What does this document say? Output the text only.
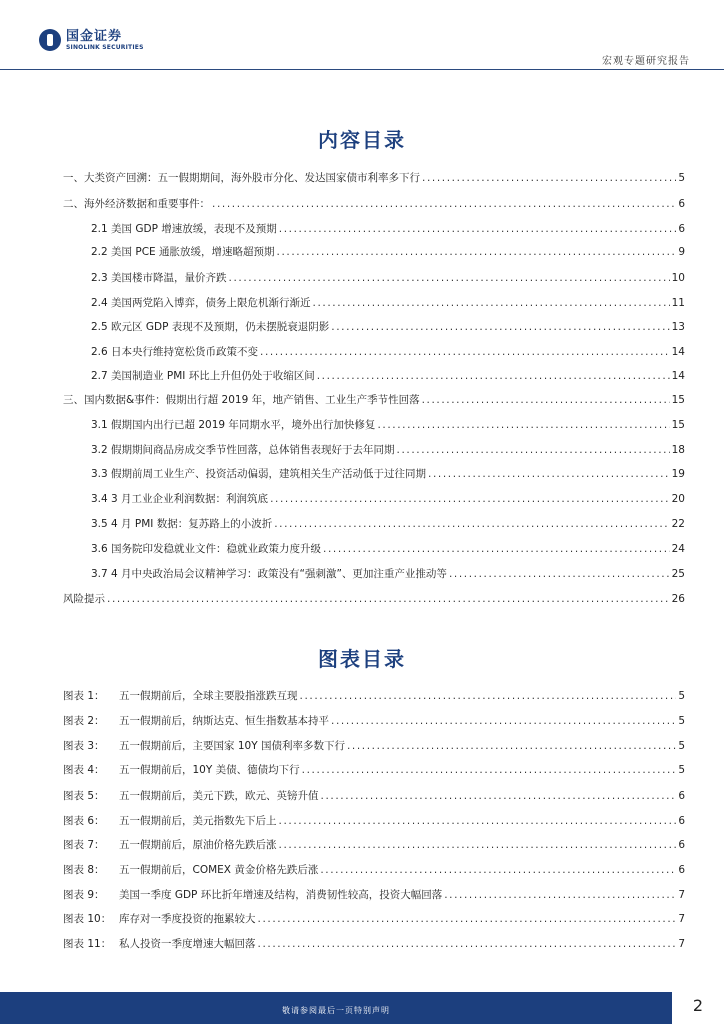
国金证券
SINOLINK SECURITIES
宏观专题研究报告
内容目录
一、大类资产回溯：五一假期期间，海外股市分化、发达国家债市利率多下行 .....	5
二、海外经济数据和重要事件： .....	6
2.1 美国 GDP 增速放缓，表现不及预期 .....	6
2.2 美国 PCE 通胀放缓，增速略超预期 .....	9
2.3 美国楼市降温，量价齐跌 .....	10
2.4 美国两党陷入博弈，债务上限危机渐行渐近 .....	11
2.5 欧元区 GDP 表现不及预期，仍未摆脱衰退阴影 .....	13
2.6 日本央行维持宽松货币政策不变 .....	14
2.7 美国制造业 PMI 环比上升但仍处于收缩区间 .....	14
三、国内数据&事件：假期出行超 2019 年，地产销售、工业生产季节性回落 .....	15
3.1 假期国内出行已超 2019 年同期水平，境外出行加快修复 .....	15
3.2 假期期间商品房成交季节性回落，总体销售表现好于去年同期 .....	18
3.3 假期前周工业生产、投资活动偏弱，建筑相关生产活动低于过往同期 .....	19
3.4 3 月工业企业利润数据：利润筑底 .....	20
3.5 4 月 PMI 数据：复苏路上的小波折 .....	22
3.6 国务院印发稳就业文件：稳就业政策力度升级 .....	24
3.7 4 月中央政治局会议精神学习：政策没有“强刺激”、更加注重产业推动等 .....	25
风险提示 .....	26
图表目录
图表 1：	五一假期前后，全球主要股指涨跌互现 .....	5
图表 2：	五一假期前后，纳斯达克、恒生指数基本持平 .....	5
图表 3：	五一假期前后，主要国家 10Y 国债利率多数下行 .....	5
图表 4：	五一假期前后，10Y 美债、德债均下行 .....	5
图表 5：	五一假期前后，美元下跌，欧元、英镑升值 .....	6
图表 6：	五一假期前后，美元指数先下后上 .....	6
图表 7：	五一假期前后，原油价格先跌后涨 .....	6
图表 8：	五一假期前后，COMEX 黄金价格先跌后涨 .....	6
图表 9：	美国一季度 GDP 环比折年增速及结构，消费韧性较高，投资大幅回落 .....	7
图表 10： 库存对一季度投资的拖累较大 .....	7
图表 11： 私人投资一季度增速大幅回落 .....	7
敬请参阅最后一页特别声明	2
